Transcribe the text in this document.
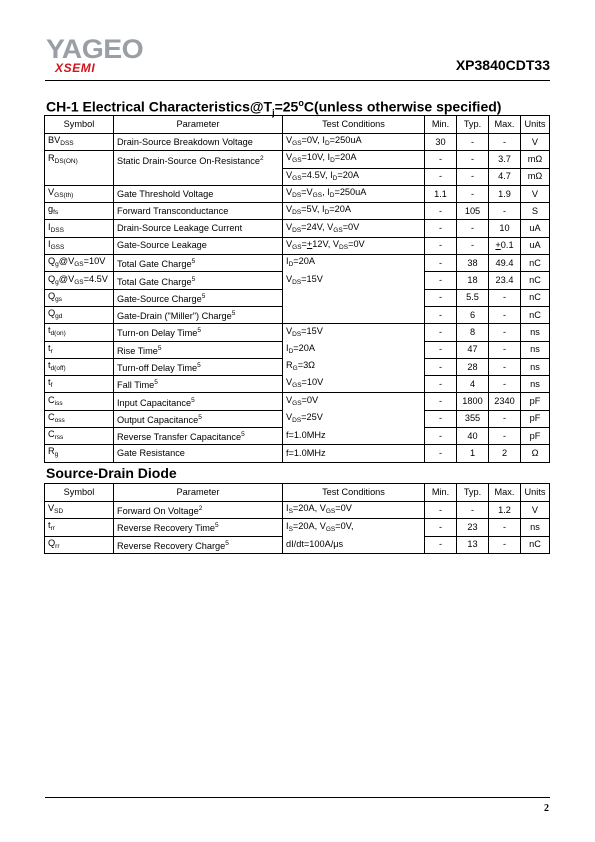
YAGEO
XSEMI	XP3840CDT33
CH-1 Electrical $Characteristics@T_j=25^oC(unless$ otherwise specified)
Symbol	Parameter	Test Conditions	Min.	Typ.	Max.	Units
$BV_{DSS}$	Drain-Source Breakdown Voltage	$V_{GS}=0V$, $I_D=250uA$	30	-	-	V
$R_{DS(ON)}$	Static Drain-Source On-Resistance$^2$	$V_{GS}=10V$, $I_D=20A$	-	-	3.7	mΩ
		$V_{GS}=4.5V$, $I_D=20A$	-	-	4.7	mΩ
$V_{GS(th)}$	Gate Threshold Voltage	$V_{DS}=V_{GS}$, $I_D=250uA$	1.1	-	1.9	V
$g_{fs}$	Forward Transconductance	$V_{DS}=5V$, $I_D=20A$	-	105	-	S
$I_{DSS}$	Drain-Source Leakage Current	$V_{DS}=24V$, $V_{GS}=0V$	-	-	10	uA
$I_{GSS}$	Gate-Source Leakage	$V_{GS}=+12V$, $V_{DS}=0V$	-	-	+0.1	uA
$Q_g@V_{GS}=10V$	Total Gate Charge$^5$	$I_D=20A$	-	38	49.4	nC
$Q_g@V_{GS}=4.5V$	Total Gate Charge$^5$	$V_{DS}=15V$	-	18	23.4	nC
$Q_{gs}$	Gate-Source Charge$^5$		-	5.5	-	nC
$Q_{gd}$	Gate-Drain ("Miller") Charge$^5$		-	6	-	nC
$t_{d(on)}$	Turn-on Delay Time$^5$	$V_{DS}=15V$	-	8	-	ns
$t_r$	Rise Time$^5$	$I_D=20A$	-	47	-	ns
$t_{d(off)}$	Turn-off Delay Time$^5$	$R_G=3\Omega$	-	28	-	ns
$t_f$	Fall Time$^5$	$V_{GS}=10V$	-	4	-	ns
$C_{iss}$	Input Capacitance$^5$	$V_{GS}=0V$	-	1800	2340	pF
$C_{oss}$	Output Capacitance$^5$	$V_{DS}=25V$	-	355	-	pF
$C_{rss}$	Reverse Transfer Capacitance$^5$	f=1.0MHz	-	40	-	pF
$R_g$	Gate Resistance	f=1.0MHz	-	1	2	Ω
Source-Drain Diode
Symbol	Parameter	Test Conditions	Min.	Typ.	Max.	Units
$V_{SD}$	Forward On Voltage$^2$	$I_S=20A$, $V_{GS}=0V$	-	-	1.2	V
$t_{rr}$	Reverse Recovery Time$^5$	$I_S=20A$, $V_{GS}=0V$,	-	23	-	ns
$Q_{rr}$	Reverse Recovery Charge$^5$	dI/dt=100A/μs	-	13	-	nC
2
